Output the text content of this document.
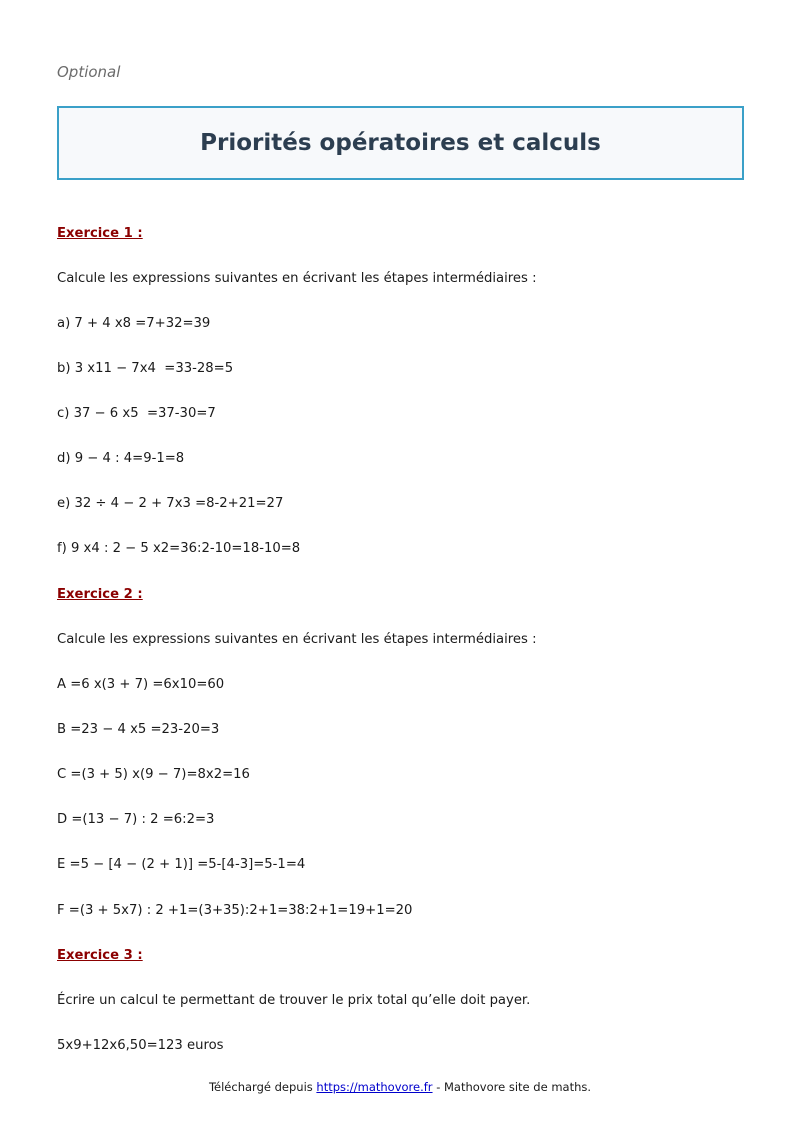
Optional
Priorités opératoires et calculs
Exercice 1 :
Calcule les expressions suivantes en écrivant les étapes intermédiaires :
a) 7 + 4 x8 =7+32=39
b) 3 x11 − 7x4  =33-28=5
c) 37 − 6 x5  =37-30=7
d) 9 − 4 : 4=9-1=8
e) 32 ÷ 4 − 2 + 7x3 =8-2+21=27
f) 9 x4 : 2 − 5 x2=36:2-10=18-10=8
Exercice 2 :
Calcule les expressions suivantes en écrivant les étapes intermédiaires :
A =6 x(3 + 7) =6x10=60
B =23 − 4 x5 =23-20=3
C =(3 + 5) x(9 − 7)=8x2=16
D =(13 − 7) : 2 =6:2=3
E =5 − [4 − (2 + 1)] =5-[4-3]=5-1=4
F =(3 + 5x7) : 2 +1=(3+35):2+1=38:2+1=19+1=20
Exercice 3 :
Écrire un calcul te permettant de trouver le prix total qu’elle doit payer.
5x9+12x6,50=123 euros
Téléchargé depuis https://mathovore.fr - Mathovore site de maths.
